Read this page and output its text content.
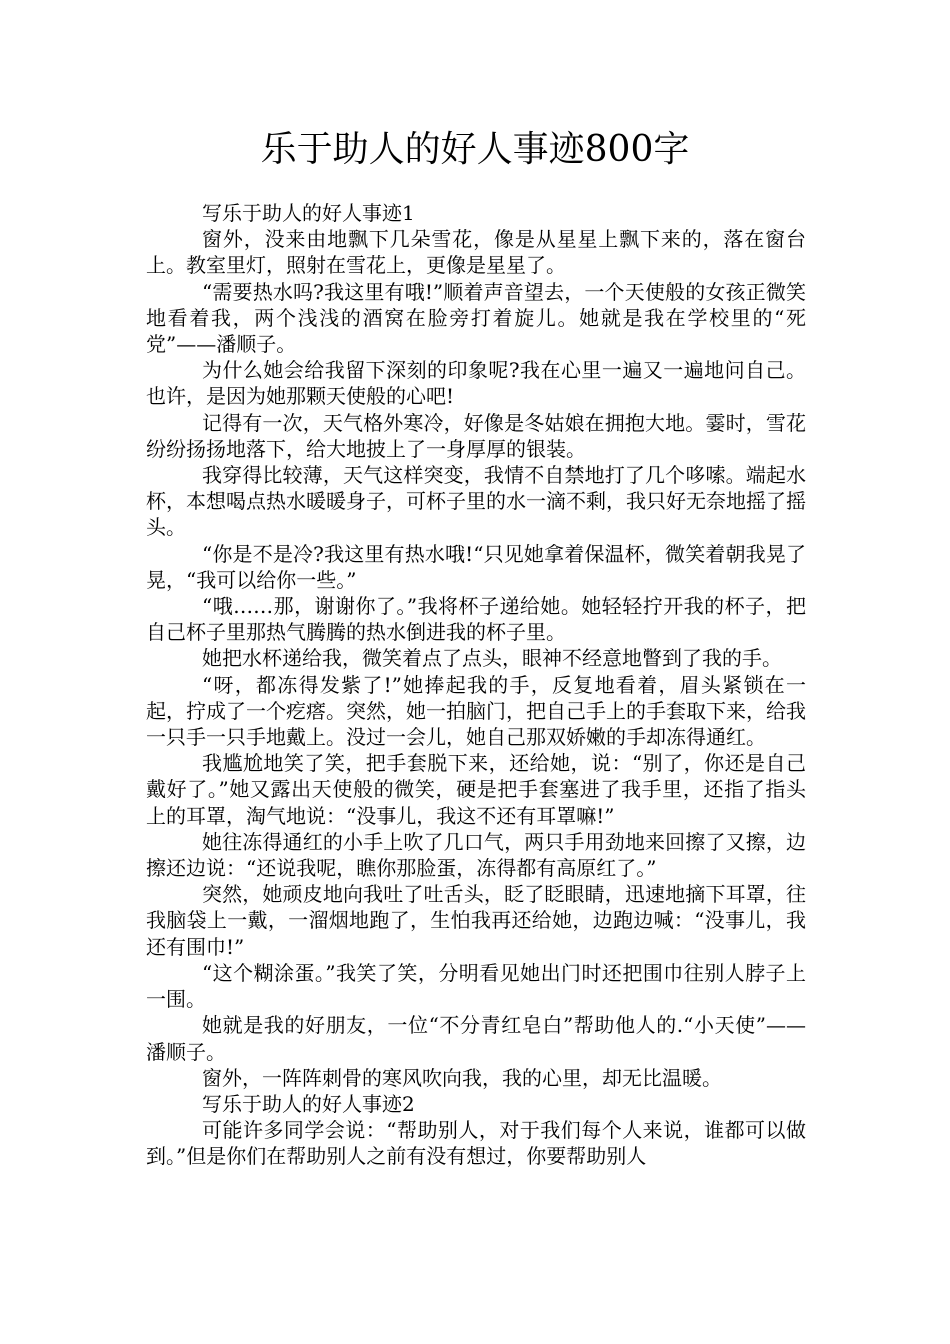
乐于助人的好人事迹800字

写乐于助人的好人事迹1

窗外，没来由地飘下几朵雪花，像是从星星上飘下来的，落在窗台上。教室里灯，照射在雪花上，更像是星星了。

“需要热水吗?我这里有哦!”顺着声音望去，一个天使般的女孩正微笑地看着我，两个浅浅的酒窝在脸旁打着旋儿。她就是我在学校里的“死党”——潘顺子。

为什么她会给我留下深刻的印象呢?我在心里一遍又一遍地问自己。也许，是因为她那颗天使般的心吧!

记得有一次，天气格外寒冷，好像是冬姑娘在拥抱大地。霎时，雪花纷纷扬扬地落下，给大地披上了一身厚厚的银装。

我穿得比较薄，天气这样突变，我情不自禁地打了几个哆嗦。端起水杯，本想喝点热水暖暖身子，可杯子里的水一滴不剩，我只好无奈地摇了摇头。

“你是不是冷?我这里有热水哦!“只见她拿着保温杯，微笑着朝我晃了晃，“我可以给你一些。”

“哦……那，谢谢你了。”我将杯子递给她。她轻轻拧开我的杯子，把自己杯子里那热气腾腾的热水倒进我的杯子里。

她把水杯递给我，微笑着点了点头，眼神不经意地瞥到了我的手。

“呀，都冻得发紫了!”她捧起我的手，反复地看着，眉头紧锁在一起，拧成了一个疙瘩。突然，她一拍脑门，把自己手上的手套取下来，给我一只手一只手地戴上。没过一会儿，她自己那双娇嫩的手却冻得通红。

我尴尬地笑了笑，把手套脱下来，还给她，说：“别了，你还是自己戴好了。”她又露出天使般的微笑，硬是把手套塞进了我手里，还指了指头上的耳罩，淘气地说：“没事儿，我这不还有耳罩嘛!”

她往冻得通红的小手上吹了几口气，两只手用劲地来回擦了又擦，边擦还边说：“还说我呢，瞧你那脸蛋，冻得都有高原红了。”

突然，她顽皮地向我吐了吐舌头，眨了眨眼睛，迅速地摘下耳罩，往我脑袋上一戴，一溜烟地跑了，生怕我再还给她，边跑边喊：“没事儿，我还有围巾!”

“这个糊涂蛋。”我笑了笑，分明看见她出门时还把围巾往别人脖子上一围。

她就是我的好朋友，一位“不分青红皂白”帮助他人的.“小天使”——潘顺子。

窗外，一阵阵刺骨的寒风吹向我，我的心里，却无比温暖。

写乐于助人的好人事迹2

可能许多同学会说：“帮助别人，对于我们每个人来说，谁都可以做到。”但是你们在帮助别人之前有没有想过，你要帮助别人
